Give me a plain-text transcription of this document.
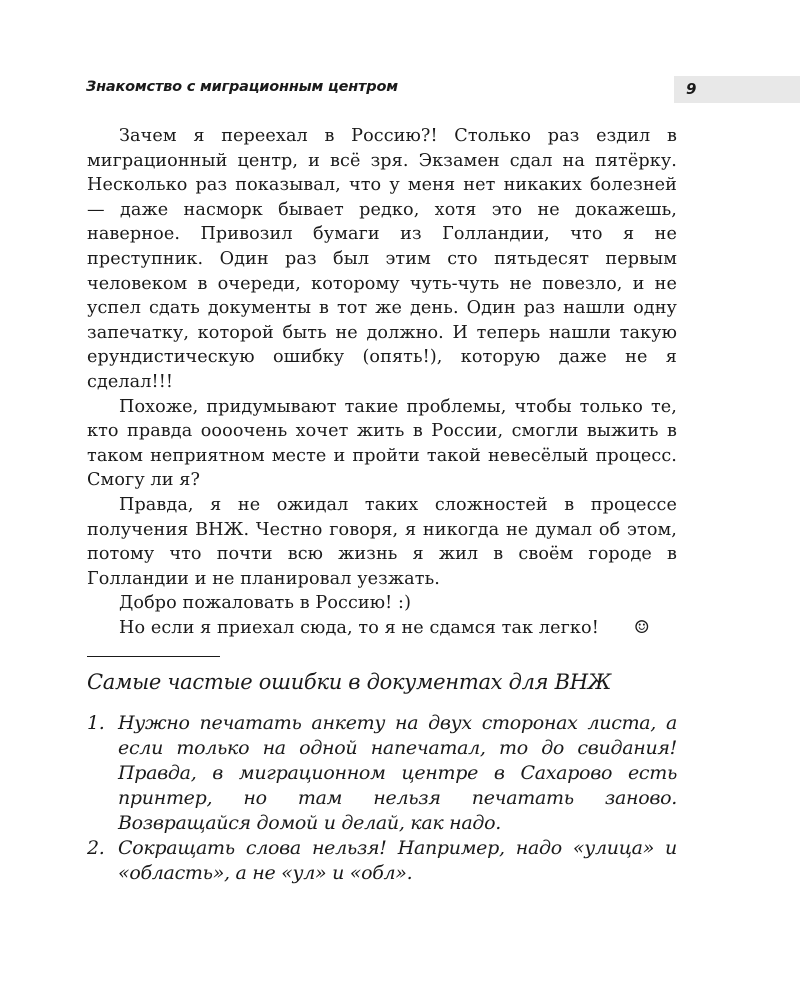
Знакомство с миграционным центром	9

Зачем я переехал в Россию?! Столько раз ездил в миграционный центр, и всё зря. Экзамен сдал на пятёрку. Несколько раз показывал, что у меня нет никаких болезней — даже насморк бывает редко, хотя это не докажешь, наверное. Привозил бумаги из Голландии, что я не преступник. Один раз был этим сто пятьдесят первым человеком в очереди, которому чуть-чуть не повезло, и не успел сдать документы в тот же день. Один раз нашли одну запечатку, которой быть не должно. И теперь нашли такую ерундистическую ошибку (опять!), которую даже не я сделал!!!

Похоже, придумывают такие проблемы, чтобы только те, кто правда оооочень хочет жить в России, смогли выжить в таком неприятном месте и пройти такой невесёлый процесс. Смогу ли я?

Правда, я не ожидал таких сложностей в процессе получения ВНЖ. Честно говоря, я никогда не думал об этом, потому что почти всю жизнь я жил в своём городе в Голландии и не планировал уезжать.

Добро пожаловать в Россию! :)

Но если я приехал сюда, то я не сдамся так легко! ☺

Самые частые ошибки в документах для ВНЖ
1. Нужно печатать анкету на двух сторонах листа, а если только на одной напечатал, то до свидания! Правда, в миграционном центре в Сахарово есть принтер, но там нельзя печатать заново. Возвращайся домой и делай, как надо.
2. Сокращать слова нельзя! Например, надо «улица» и «область», а не «ул» и «обл».
